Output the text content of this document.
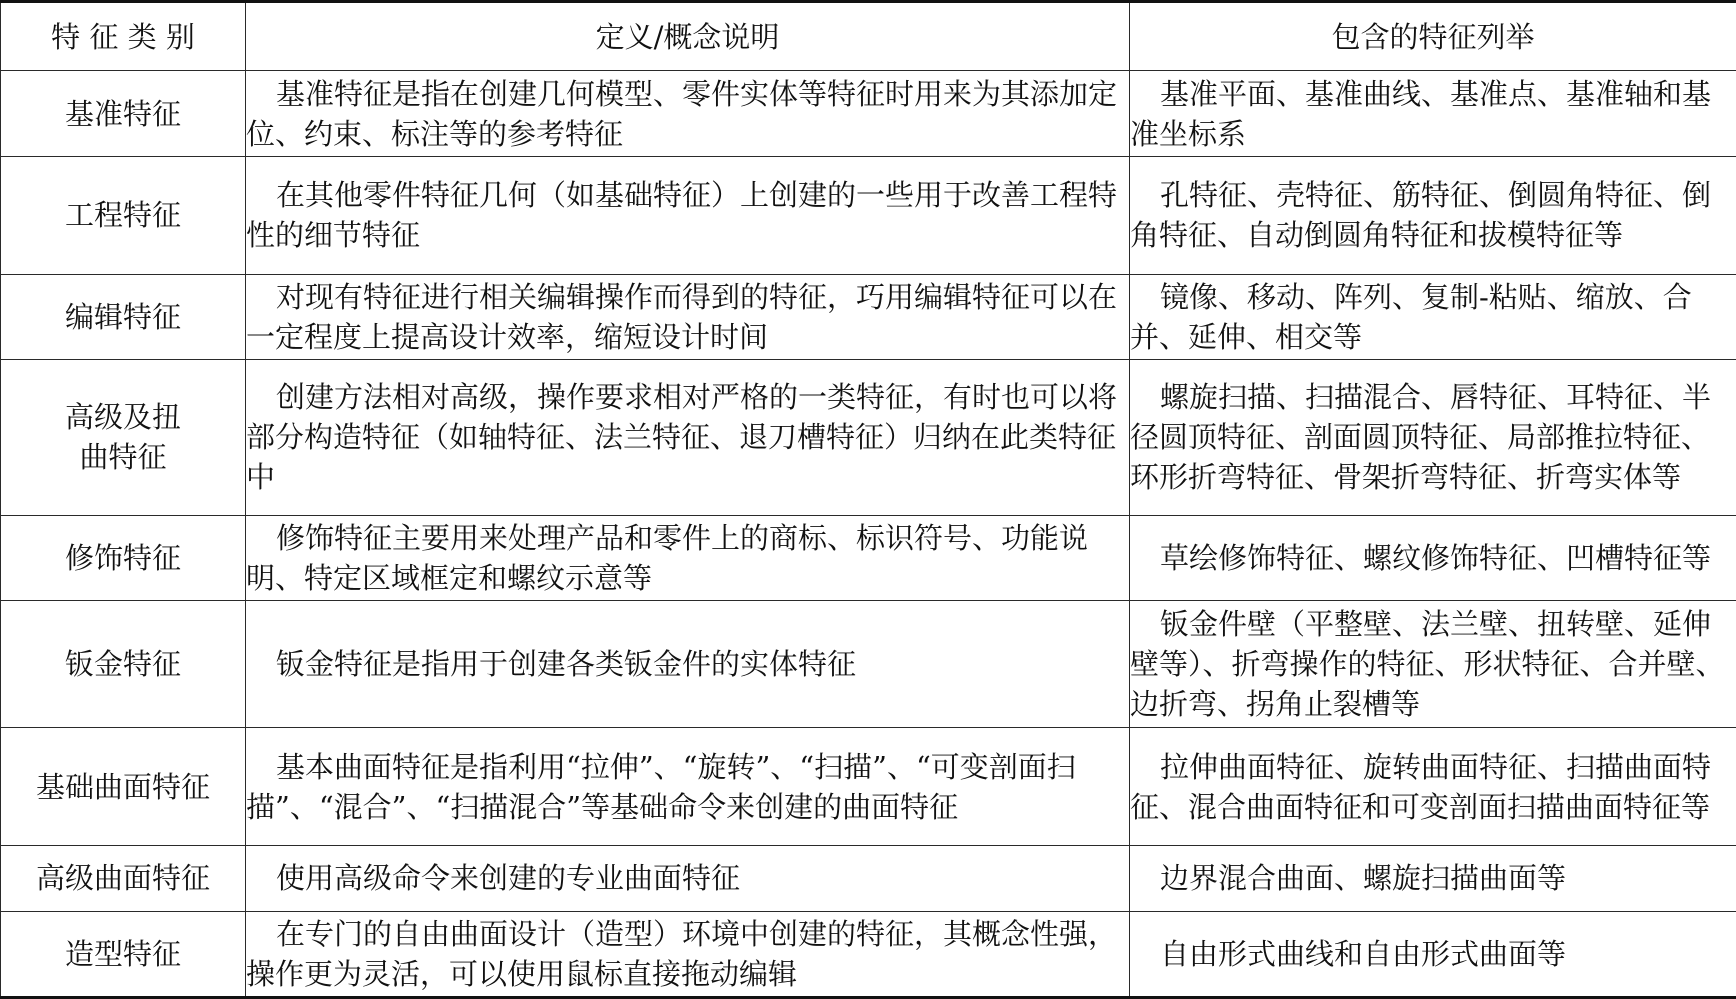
特 征 类 别	定义/概念说明	包含的特征列举
基准特征	基准特征是指在创建几何模型、零件实体等特征时用来为其添加定位、约束、标注等的参考特征	基准平面、基准曲线、基准点、基准轴和基准坐标系
工程特征	在其他零件特征几何（如基础特征）上创建的一些用于改善工程特性的细节特征	孔特征、壳特征、筋特征、倒圆角特征、倒角特征、自动倒圆角特征和拔模特征等
编辑特征	对现有特征进行相关编辑操作而得到的特征，巧用编辑特征可以在一定程度上提高设计效率，缩短设计时间	镜像、移动、阵列、复制-粘贴、缩放、合并、延伸、相交等
高级及扭曲特征	创建方法相对高级，操作要求相对严格的一类特征，有时也可以将部分构造特征（如轴特征、法兰特征、退刀槽特征）归纳在此类特征中	螺旋扫描、扫描混合、唇特征、耳特征、半径圆顶特征、剖面圆顶特征、局部推拉特征、环形折弯特征、骨架折弯特征、折弯实体等
修饰特征	修饰特征主要用来处理产品和零件上的商标、标识符号、功能说明、特定区域框定和螺纹示意等	草绘修饰特征、螺纹修饰特征、凹槽特征等
钣金特征	钣金特征是指用于创建各类钣金件的实体特征	钣金件壁（平整壁、法兰壁、扭转壁、延伸壁等）、折弯操作的特征、形状特征、合并壁、边折弯、拐角止裂槽等
基础曲面特征	基本曲面特征是指利用“拉伸”、“旋转”、“扫描”、“可变剖面扫描”、“混合”、“扫描混合”等基础命令来创建的曲面特征	拉伸曲面特征、旋转曲面特征、扫描曲面特征、混合曲面特征和可变剖面扫描曲面特征等
高级曲面特征	使用高级命令来创建的专业曲面特征	边界混合曲面、螺旋扫描曲面等
造型特征	在专门的自由曲面设计（造型）环境中创建的特征，其概念性强，操作更为灵活，可以使用鼠标直接拖动编辑	自由形式曲线和自由形式曲面等
